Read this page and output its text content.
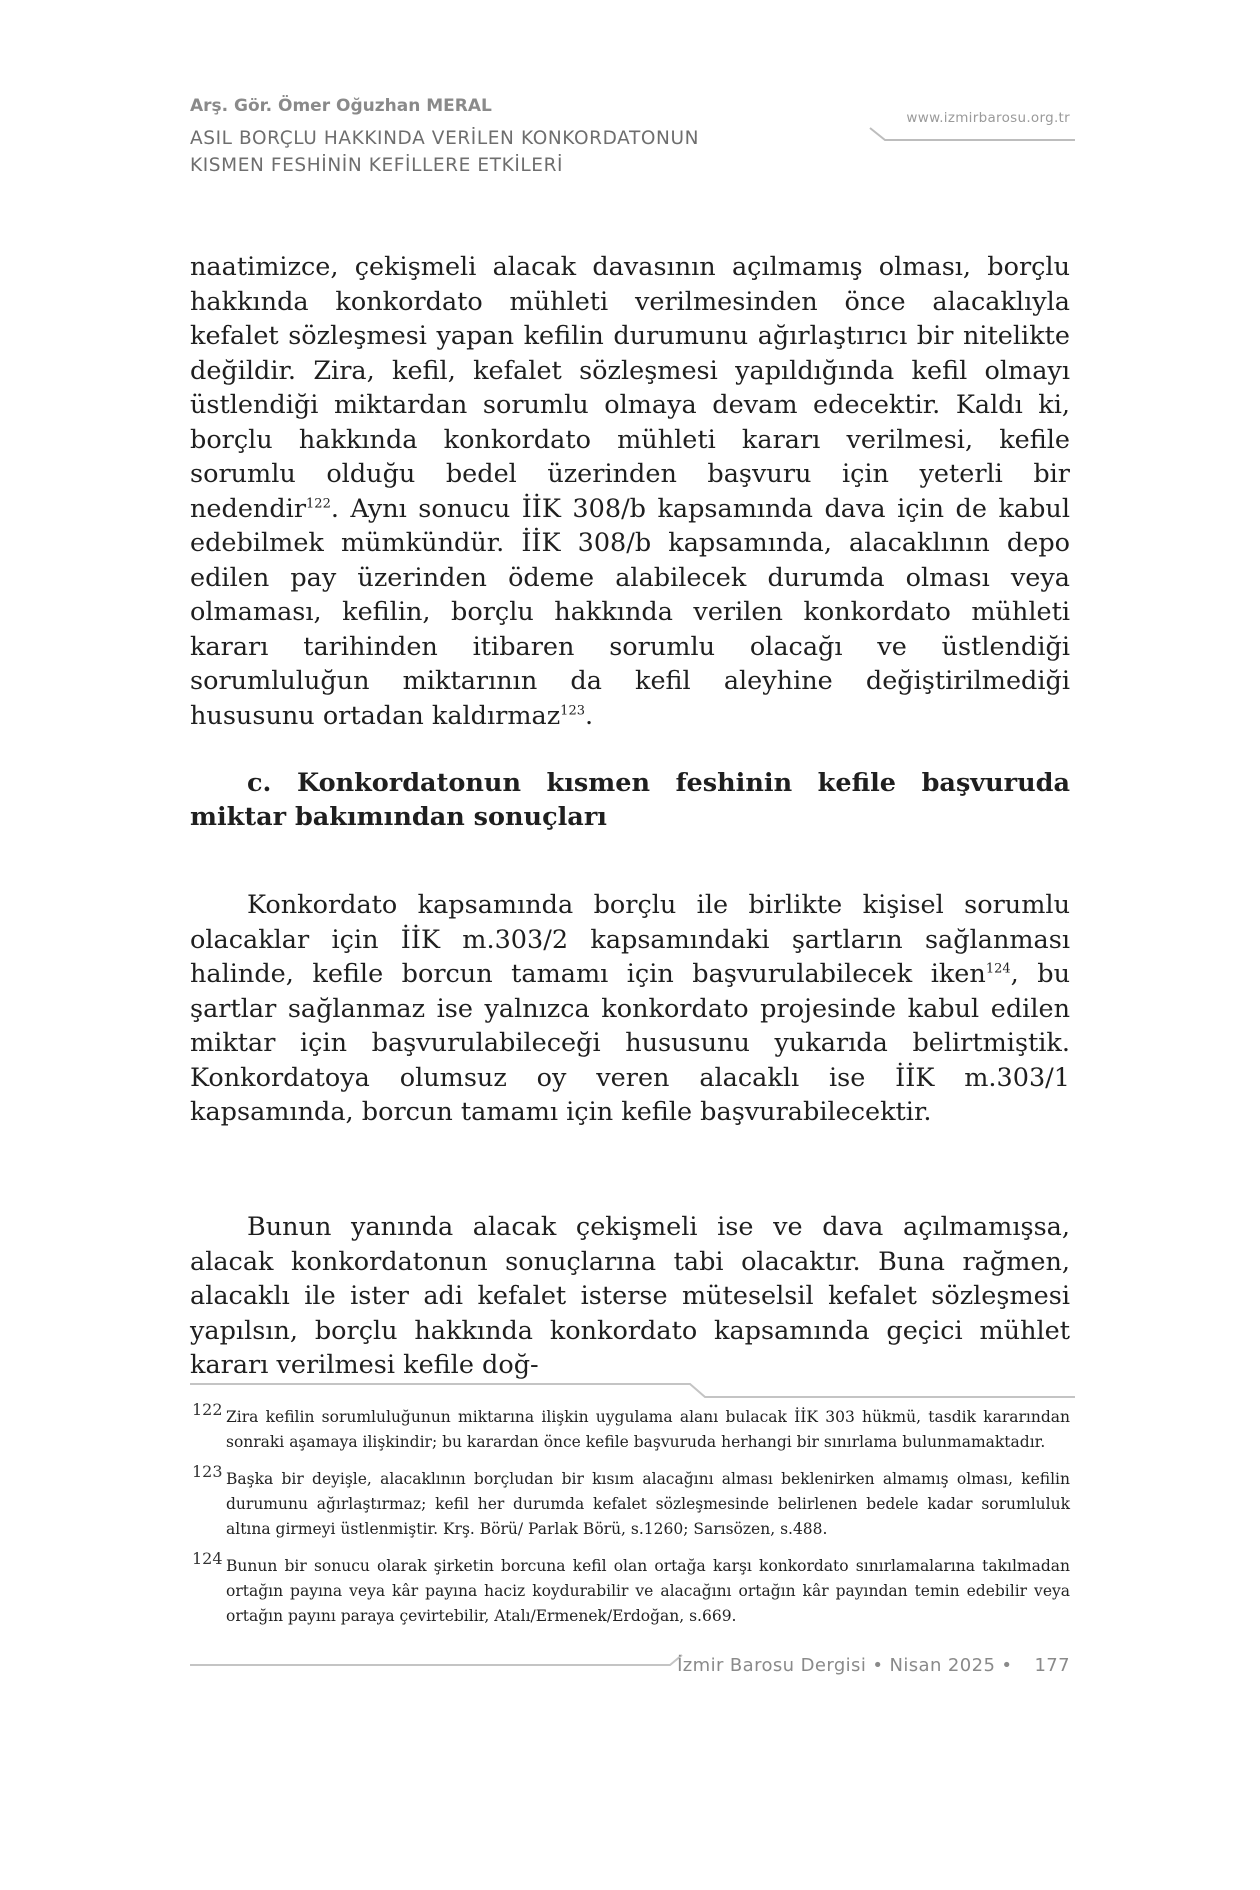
Arş. Gör. Ömer Oğuzhan MERAL
ASIL BORÇLU HAKKINDA VERİLEN KONKORDATONUN
KISMEN FESHİNİN KEFİLLERE ETKİLERİ
www.izmirbarosu.org.tr
naatimizce, çekişmeli alacak davasının açılmamış olması, borçlu hakkında konkordato mühleti verilmesinden önce alacaklıyla kefalet sözleşmesi yapan kefilin durumunu ağırlaştırıcı bir nitelikte değildir. Zira, kefil, kefalet sözleşmesi yapıldığında kefil olmayı üstlendiği miktardan sorumlu olmaya devam edecektir. Kaldı ki, borçlu hakkında konkordato mühleti kararı verilmesi, kefile sorumlu olduğu bedel üzerinden başvuru için yeterli bir nedendir$^{122}$. Aynı sonucu İİK 308/b kapsamında dava için de kabul edebilmek mümkündür. İİK 308/b kapsamında, alacaklının depo edilen pay üzerinden ödeme alabilecek durumda olması veya olmaması, kefilin, borçlu hakkında verilen konkordato mühleti kararı tarihinden itibaren sorumlu olacağı ve üstlendiği sorumluluğun miktarının da kefil aleyhine değiştirilmediği hususunu ortadan kaldırmaz$^{123}$.
c. Konkordatonun kısmen feshinin kefile başvuruda miktar bakımından sonuçları
Konkordato kapsamında borçlu ile birlikte kişisel sorumlu olacaklar için İİK m.303/2 kapsamındaki şartların sağlanması halinde, kefile borcun tamamı için başvurulabilecek iken$^{124}$, bu şartlar sağlanmaz ise yalnızca konkordato projesinde kabul edilen miktar için başvurulabileceği hususunu yukarıda belirtmiştik. Konkordatoya olumsuz oy veren alacaklı ise İİK m.303/1 kapsamında, borcun tamamı için kefile başvurabilecektir.
Bunun yanında alacak çekişmeli ise ve dava açılmamışsa, alacak konkordatonun sonuçlarına tabi olacaktır. Buna rağmen, alacaklı ile ister adi kefalet isterse müteselsil kefalet sözleşmesi yapılsın, borçlu hakkında konkordato kapsamında geçici mühlet kararı verilmesi kefile doğ-
122 Zira kefilin sorumluluğunun miktarına ilişkin uygulama alanı bulacak İİK 303 hükmü, tasdik kararından sonraki aşamaya ilişkindir; bu karardan önce kefile başvuruda herhangi bir sınırlama bulunmamaktadır.
123 Başka bir deyişle, alacaklının borçludan bir kısım alacağını alması beklenirken almamış olması, kefilin durumunu ağırlaştırmaz; kefil her durumda kefalet sözleşmesinde belirlenen bedele kadar sorumluluk altına girmeyi üstlenmiştir. Krş. Börü/ Parlak Börü, s.1260; Sarısözen, s.488.
124 Bunun bir sonucu olarak şirketin borcuna kefil olan ortağa karşı konkordato sınırlamalarına takılmadan ortağın payına veya kâr payına haciz koydurabilir ve alacağını ortağın kâr payından temin edebilir veya ortağın payını paraya çevirtebilir, Atalı/Ermenek/Erdoğan, s.669.
İzmir Barosu Dergisi • Nisan 2025 • 177
